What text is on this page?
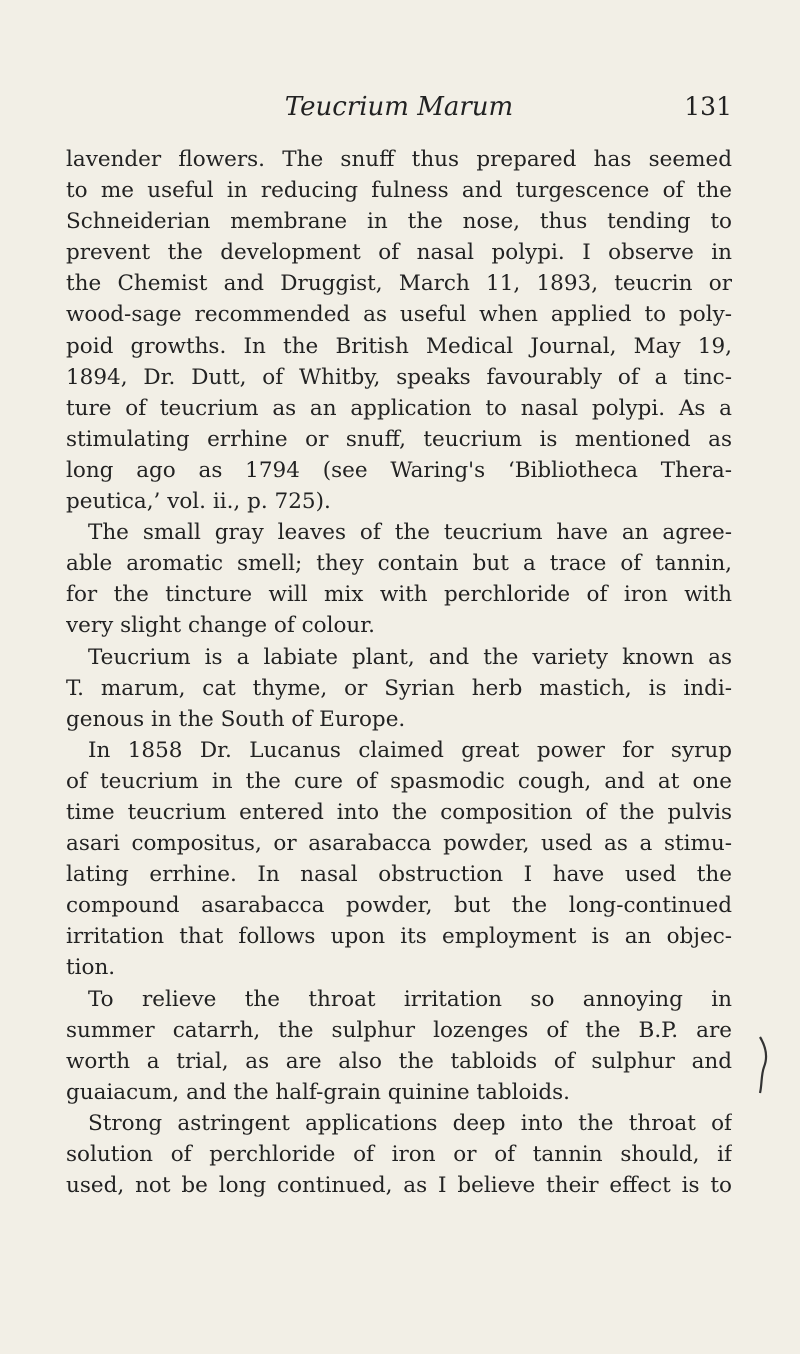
Teucrium Marum	131
lavender flowers. The snuff thus prepared has seemed
to me useful in reducing fulness and turgescence of the
Schneiderian membrane in the nose, thus tending to
prevent the development of nasal polypi. I observe in
the Chemist and Druggist, March 11, 1893, teucrin or
wood-sage recommended as useful when applied to poly-
poid growths. In the British Medical Journal, May 19,
1894, Dr. Dutt, of Whitby, speaks favourably of a tinc-
ture of teucrium as an application to nasal polypi. As a
stimulating errhine or snuff, teucrium is mentioned as
long ago as 1794 (see Waring's ‘Bibliotheca Thera-
peutica,’ vol. ii., p. 725).
The small gray leaves of the teucrium have an agree-
able aromatic smell; they contain but a trace of tannin,
for the tincture will mix with perchloride of iron with
very slight change of colour.
Teucrium is a labiate plant, and the variety known as
T. marum, cat thyme, or Syrian herb mastich, is indi-
genous in the South of Europe.
In 1858 Dr. Lucanus claimed great power for syrup
of teucrium in the cure of spasmodic cough, and at one
time teucrium entered into the composition of the pulvis
asari compositus, or asarabacca powder, used as a stimu-
lating errhine. In nasal obstruction I have used the
compound asarabacca powder, but the long-continued
irritation that follows upon its employment is an objec-
tion.
To relieve the throat irritation so annoying in
summer catarrh, the sulphur lozenges of the B.P. are
worth a trial, as are also the tabloids of sulphur and
guaiacum, and the half-grain quinine tabloids.
Strong astringent applications deep into the throat of
solution of perchloride of iron or of tannin should, if
used, not be long continued, as I believe their effect is to
